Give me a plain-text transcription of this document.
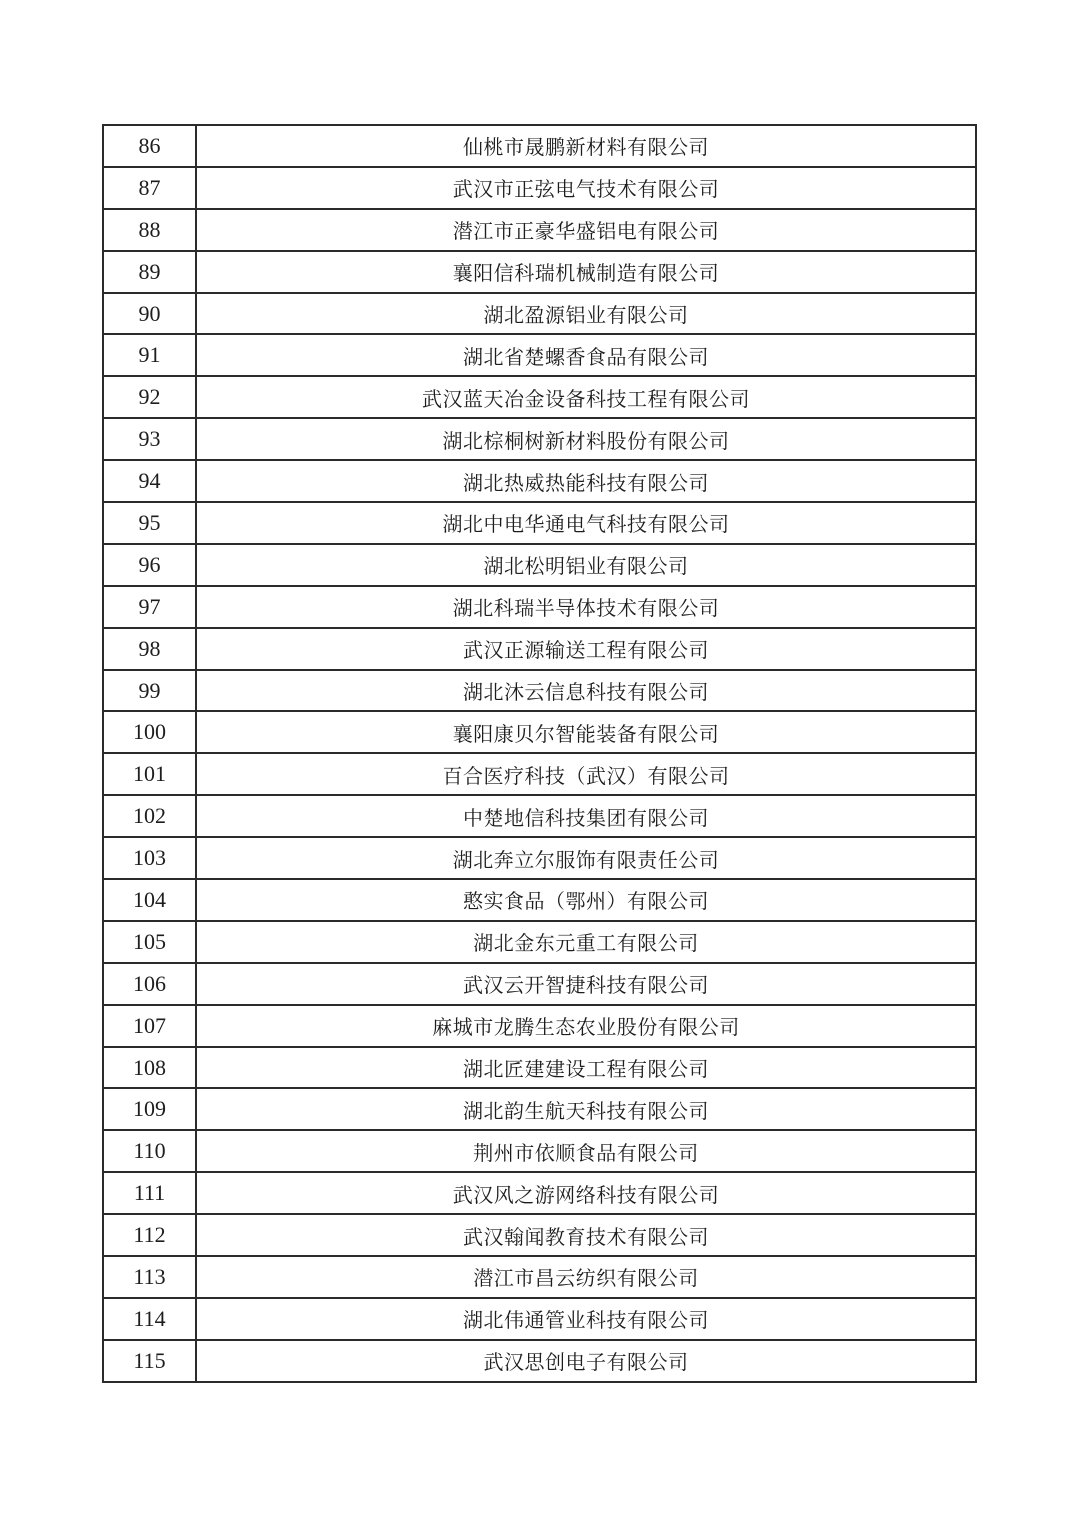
86	仙桃市晟鹏新材料有限公司
87	武汉市正弦电气技术有限公司
88	潜江市正豪华盛铝电有限公司
89	襄阳信科瑞机械制造有限公司
90	湖北盈源铝业有限公司
91	湖北省楚螺香食品有限公司
92	武汉蓝天冶金设备科技工程有限公司
93	湖北棕桐树新材料股份有限公司
94	湖北热威热能科技有限公司
95	湖北中电华通电气科技有限公司
96	湖北松明铝业有限公司
97	湖北科瑞半导体技术有限公司
98	武汉正源输送工程有限公司
99	湖北沐云信息科技有限公司
100	襄阳康贝尔智能装备有限公司
101	百合医疗科技（武汉）有限公司
102	中楚地信科技集团有限公司
103	湖北奔立尔服饰有限责任公司
104	憨实食品（鄂州）有限公司
105	湖北金东元重工有限公司
106	武汉云开智捷科技有限公司
107	麻城市龙腾生态农业股份有限公司
108	湖北匠建建设工程有限公司
109	湖北韵生航天科技有限公司
110	荆州市依顺食品有限公司
111	武汉风之游网络科技有限公司
112	武汉翰闻教育技术有限公司
113	潜江市昌云纺织有限公司
114	湖北伟通管业科技有限公司
115	武汉思创电子有限公司
